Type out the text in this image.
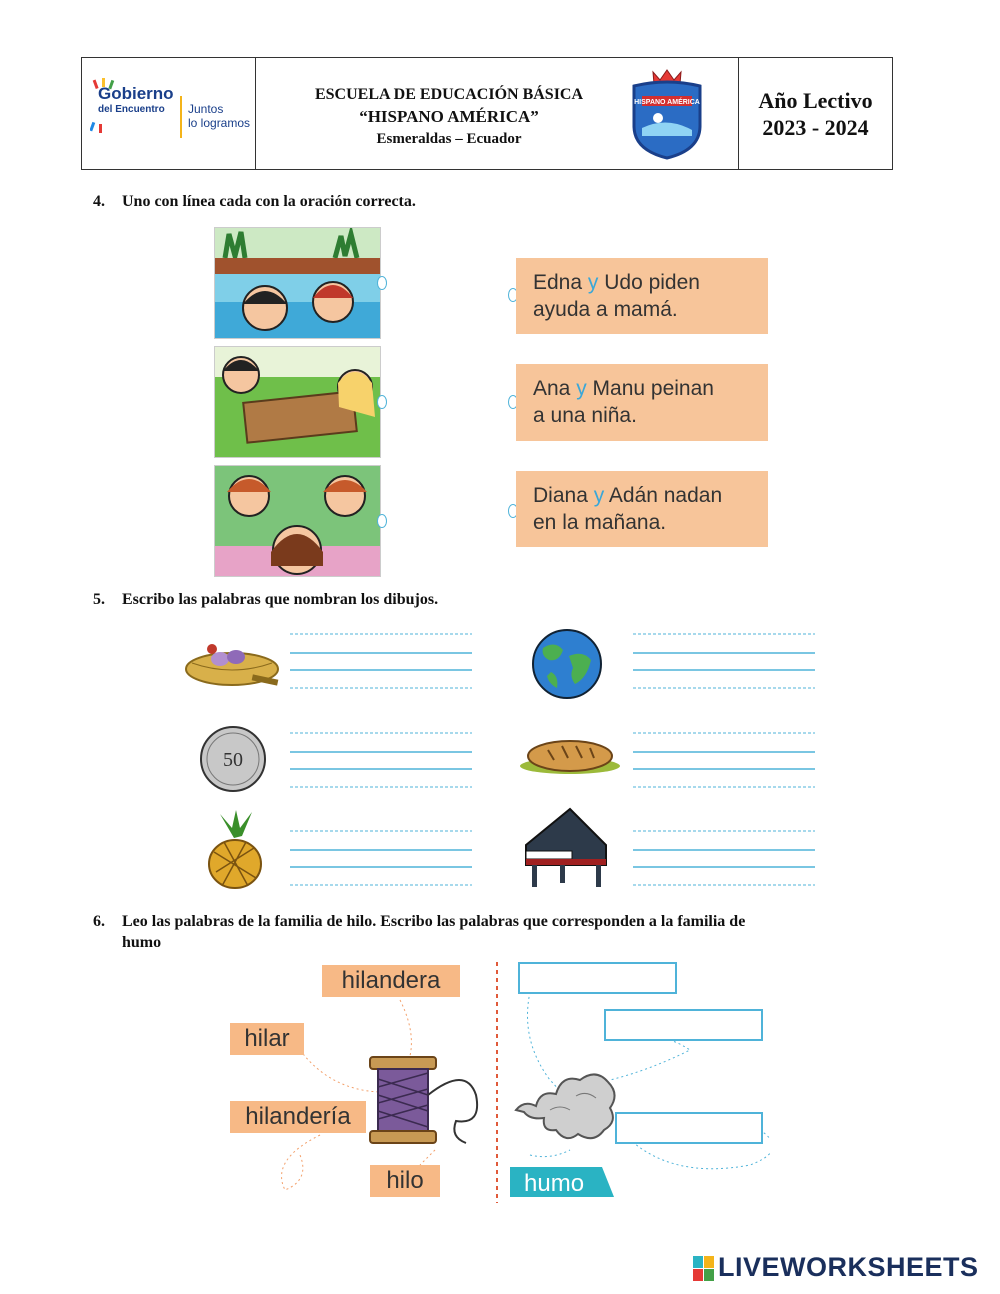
Gobierno
del Encuentro	Juntos
lo logramos
ESCUELA DE EDUCACIÓN BÁSICA
“HISPANO AMÉRICA”
Esmeraldas – Ecuador
HISPANO AMÉRICA	Año Lectivo
2023 - 2024
4. Uno con línea cada con la oración correcta.
Edna y Udo piden
ayuda a mamá.
Ana y Manu peinan
a una niña.
Diana y Adán nadan
en la mañana.
5. Escribo las palabras que nombran los dibujos.
50
6. Leo las palabras de la familia de hilo. Escribo las palabras que corresponden a la familia de
humo
hilandera
hilar
hilandería
hilo	humo
LIVEWORKSHEETS
